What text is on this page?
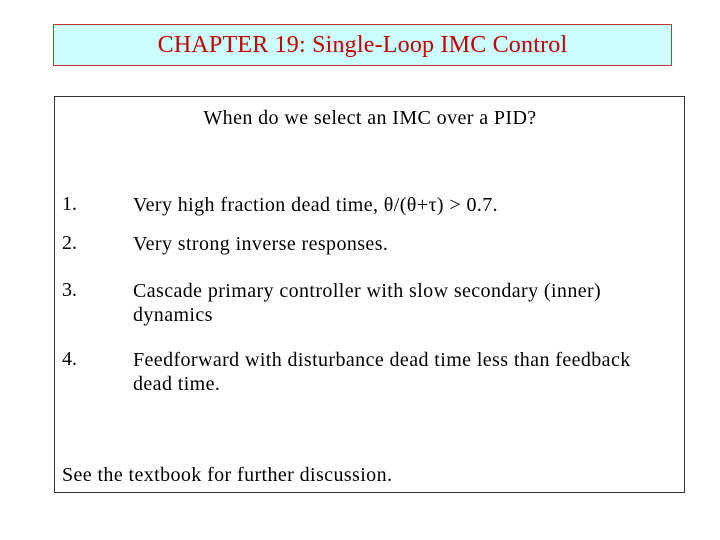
CHAPTER 19: Single-Loop IMC Control
When do we select an IMC over a PID?
1.	Very high fraction dead time, θ/(θ+τ) > 0.7.
2.	Very strong inverse responses.
3.	Cascade primary controller with slow secondary (inner) dynamics
4.	Feedforward with disturbance dead time less than feedback dead time.
See the textbook for further discussion.
